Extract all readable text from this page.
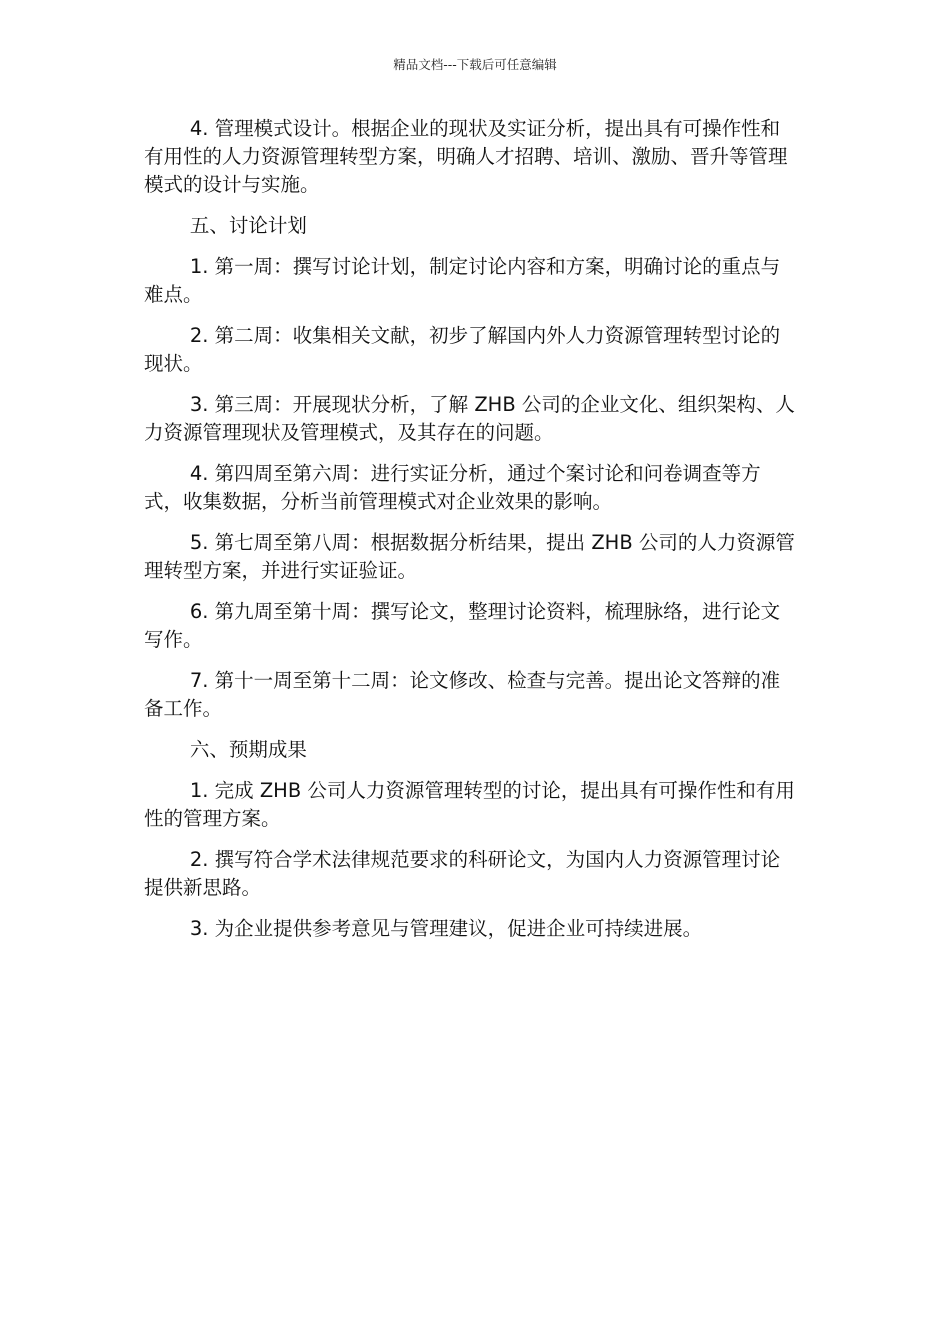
精品文档---下载后可任意编辑

4. 管理模式设计。根据企业的现状及实证分析，提出具有可操作性和有用性的人力资源管理转型方案，明确人才招聘、培训、激励、晋升等管理模式的设计与实施。

五、讨论计划

1. 第一周：撰写讨论计划，制定讨论内容和方案，明确讨论的重点与难点。

2. 第二周：收集相关文献，初步了解国内外人力资源管理转型讨论的现状。

3. 第三周：开展现状分析，了解 ZHB 公司的企业文化、组织架构、人力资源管理现状及管理模式，及其存在的问题。

4. 第四周至第六周：进行实证分析，通过个案讨论和问卷调查等方式，收集数据，分析当前管理模式对企业效果的影响。

5. 第七周至第八周：根据数据分析结果，提出 ZHB 公司的人力资源管理转型方案，并进行实证验证。

6. 第九周至第十周：撰写论文，整理讨论资料，梳理脉络，进行论文写作。

7. 第十一周至第十二周：论文修改、检查与完善。提出论文答辩的准备工作。

六、预期成果

1. 完成 ZHB 公司人力资源管理转型的讨论，提出具有可操作性和有用性的管理方案。

2. 撰写符合学术法律规范要求的科研论文，为国内人力资源管理讨论提供新思路。

3. 为企业提供参考意见与管理建议，促进企业可持续进展。
